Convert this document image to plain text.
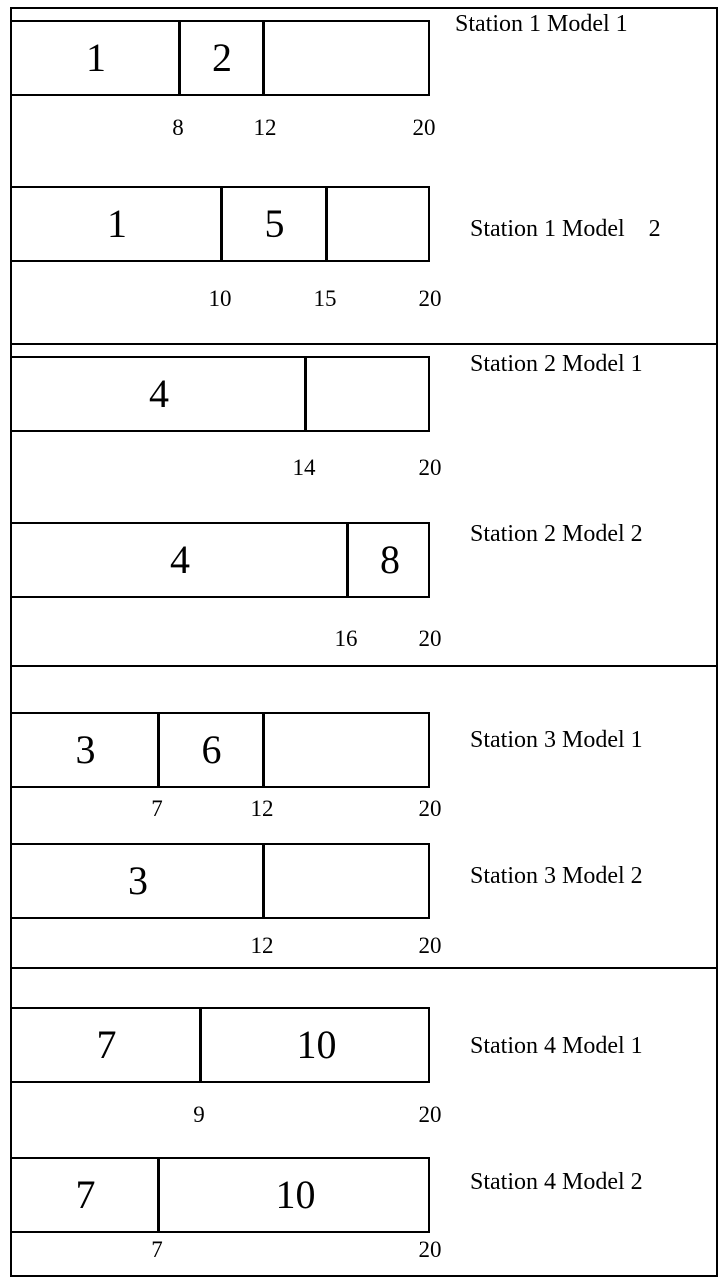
1	2
8	12	20
Station 1 Model 1
1	5
10	15	20
Station 1 Model    2
4
14	20
Station 2 Model 1
4	8
16	20
Station 2 Model 2
3	6
7	12	20
Station 3 Model 1
3
12	20
Station 3 Model 2
7	10
9	20
Station 4 Model 1
7	10
7	20
Station 4 Model 2
